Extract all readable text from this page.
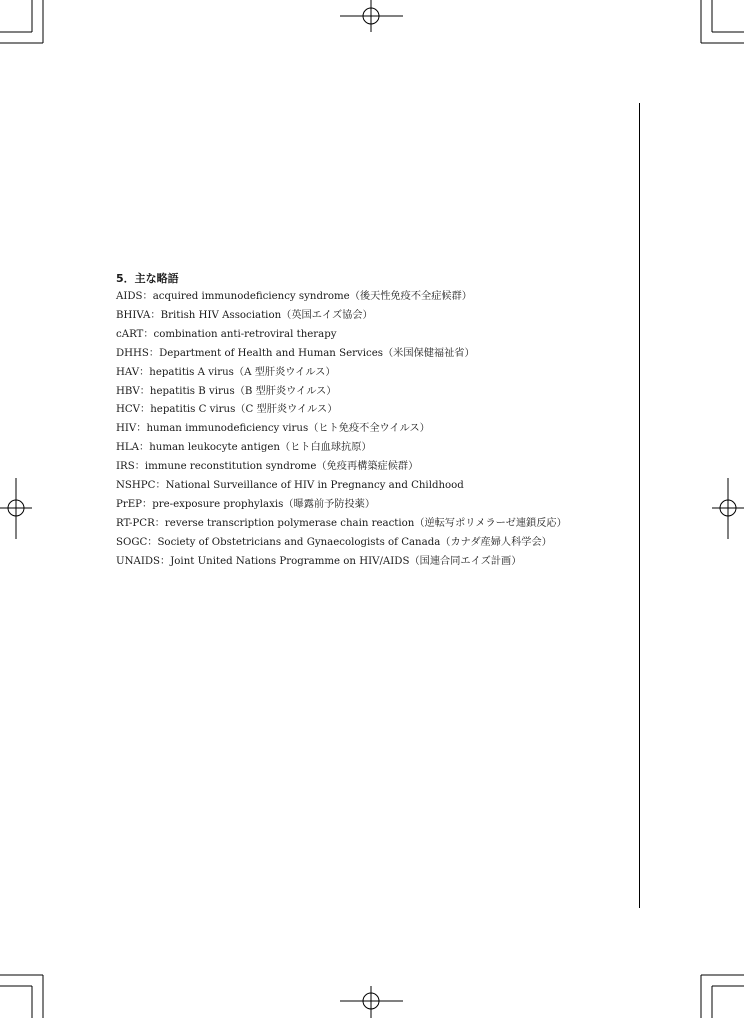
5．主な略語
AIDS：acquired immunodeficiency syndrome（後天性免疫不全症候群）
BHIVA：British HIV Association（英国エイズ協会）
cART：combination anti-retroviral therapy
DHHS：Department of Health and Human Services（米国保健福祉省）
HAV：hepatitis A virus（A 型肝炎ウイルス）
HBV：hepatitis B virus（B 型肝炎ウイルス）
HCV：hepatitis C virus（C 型肝炎ウイルス）
HIV：human immunodeficiency virus（ヒト免疫不全ウイルス）
HLA：human leukocyte antigen（ヒト白血球抗原）
IRS：immune reconstitution syndrome（免疫再構築症候群）
NSHPC：National Surveillance of HIV in Pregnancy and Childhood
PrEP：pre-exposure prophylaxis（曝露前予防投薬）
RT-PCR：reverse transcription polymerase chain reaction（逆転写ポリメラーゼ連鎖反応）
SOGC：Society of Obstetricians and Gynaecologists of Canada（カナダ産婦人科学会）
UNAIDS：Joint United Nations Programme on HIV/AIDS（国連合同エイズ計画）
